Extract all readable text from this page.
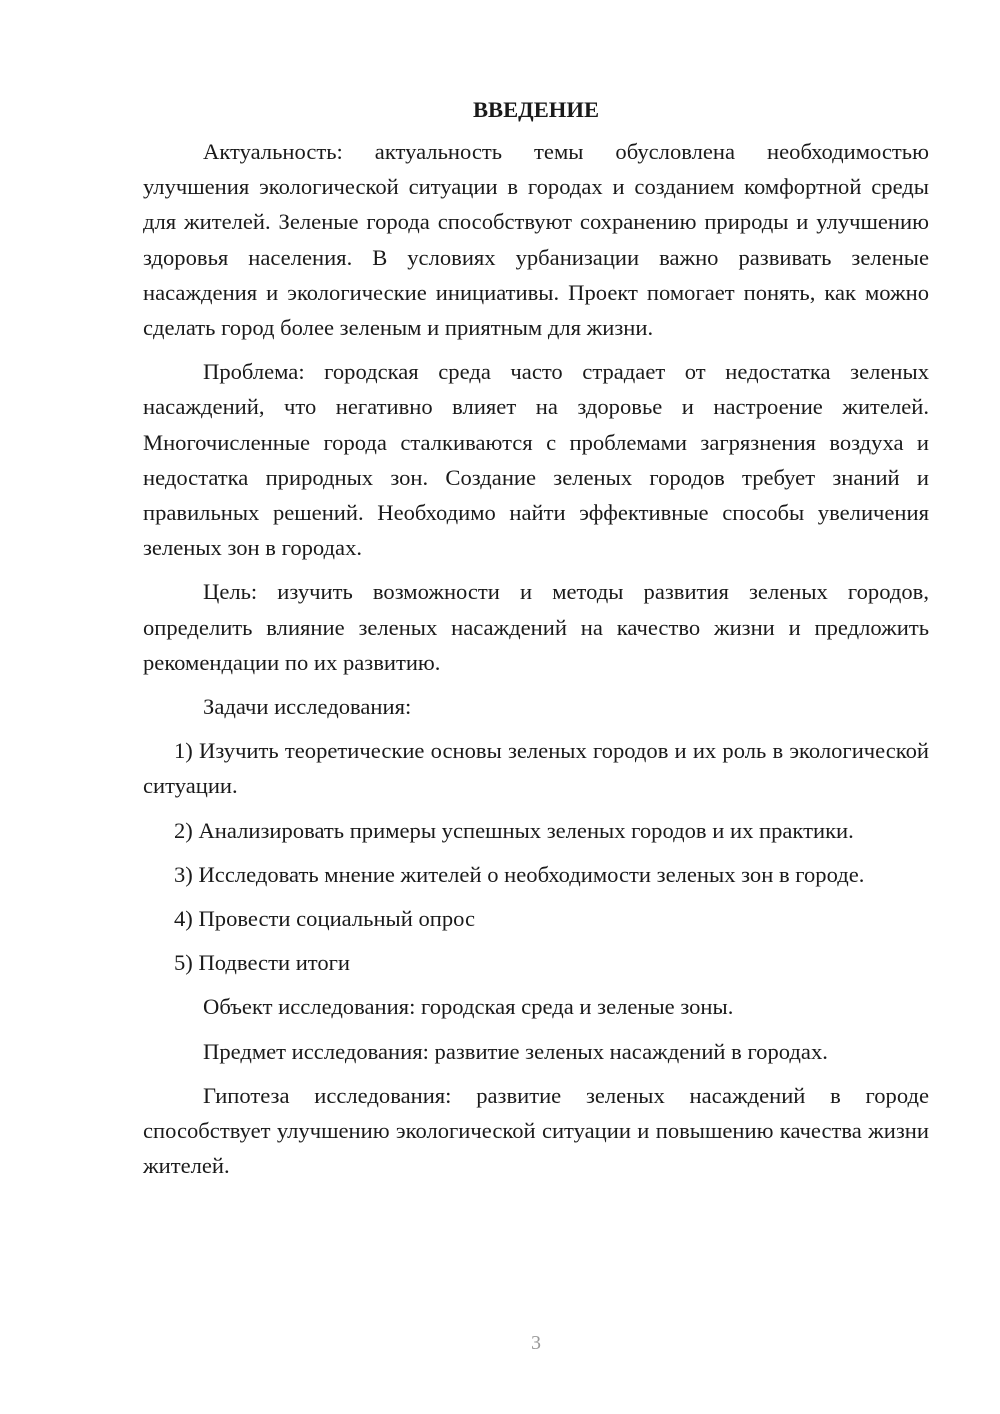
ВВЕДЕНИЕ

Актуальность: актуальность темы обусловлена необходимостью улучшения экологической ситуации в городах и созданием комфортной среды для жителей. Зеленые города способствуют сохранению природы и улучшению здоровья населения. В условиях урбанизации важно развивать зеленые насаждения и экологические инициативы. Проект помогает понять, как можно сделать город более зеленым и приятным для жизни.

Проблема: городская среда часто страдает от недостатка зеленых насаждений, что негативно влияет на здоровье и настроение жителей. Многочисленные города сталкиваются с проблемами загрязнения воздуха и недостатка природных зон. Создание зеленых городов требует знаний и правильных решений. Необходимо найти эффективные способы увеличения зеленых зон в городах.

Цель: изучить возможности и методы развития зеленых городов, определить влияние зеленых насаждений на качество жизни и предложить рекомендации по их развитию.

Задачи исследования:

1) Изучить теоретические основы зеленых городов и их роль в экологической ситуации.

2) Анализировать примеры успешных зеленых городов и их практики.

3) Исследовать мнение жителей о необходимости зеленых зон в городе.

4) Провести социальный опрос

5) Подвести итоги

Объект исследования: городская среда и зеленые зоны.

Предмет исследования: развитие зеленых насаждений в городах.

Гипотеза исследования: развитие зеленых насаждений в городе способствует улучшению экологической ситуации и повышению качества жизни жителей.

3
